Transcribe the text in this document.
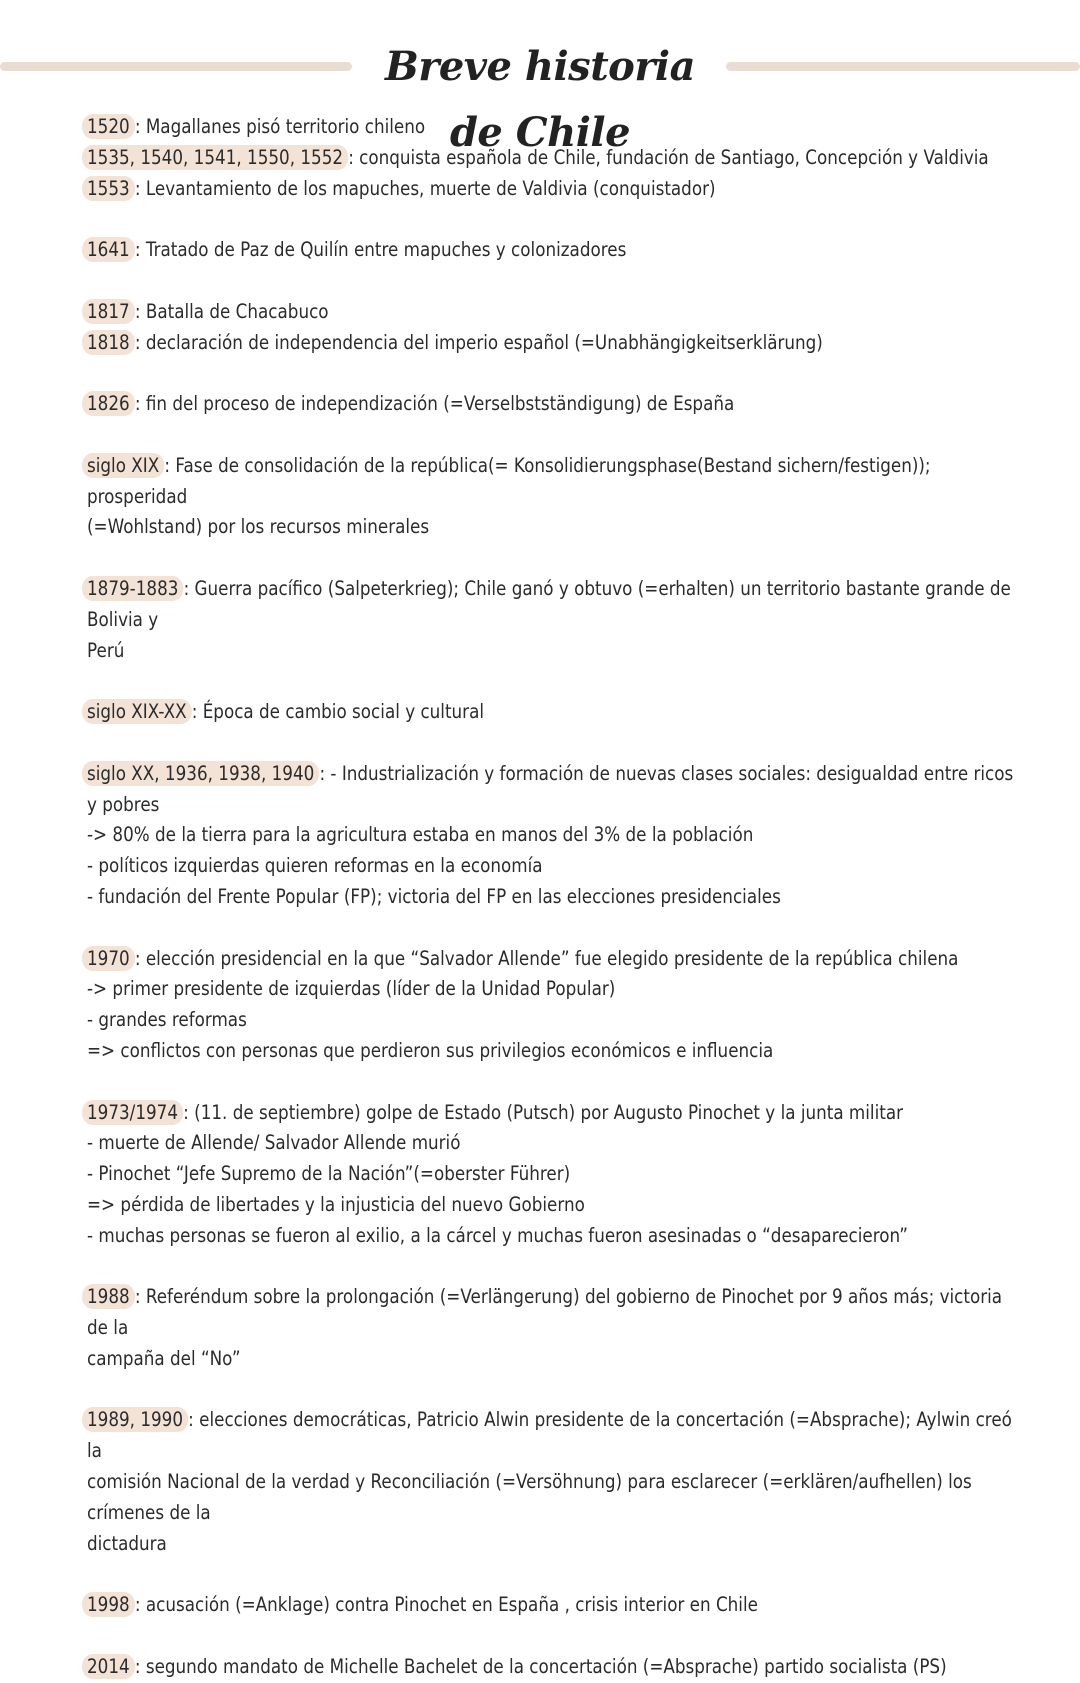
Breve historia de Chile
1520 : Magallanes pisó territorio chileno
1535, 1540, 1541, 1550, 1552 : conquista española de Chile, fundación de Santiago, Concepción y Valdivia
1553 : Levantamiento de los mapuches, muerte de Valdivia (conquistador)
1641 : Tratado de Paz de Quilín entre mapuches y colonizadores
1817 : Batalla de Chacabuco
1818 : declaración de independencia del imperio español (=Unabhängigkeitserklärung)
1826 : fin del proceso de independización (=Verselbstständigung) de España
siglo XIX : Fase de consolidación de la república(= Konsolidierungsphase(Bestand sichern/festigen)); prosperidad
(=Wohlstand) por los recursos minerales
1879-1883 : Guerra pacífico (Salpeterkrieg); Chile ganó y obtuvo (=erhalten) un territorio bastante grande de Bolivia y
Perú
siglo XIX-XX : Época de cambio social y cultural
siglo XX, 1936, 1938, 1940 : - Industrialización y formación de nuevas clases sociales: desigualdad entre ricos y pobres
-> 80% de la tierra para la agricultura estaba en manos del 3% de la población
- políticos izquierdas quieren reformas en la economía
- fundación del Frente Popular (FP); victoria del FP en las elecciones presidenciales
1970 : elección presidencial en la que “Salvador Allende” fue elegido presidente de la república chilena
-> primer presidente de izquierdas (líder de la Unidad Popular)
- grandes reformas
=> conflictos con personas que perdieron sus privilegios económicos e influencia
1973/1974 : (11. de septiembre) golpe de Estado (Putsch) por Augusto Pinochet y la junta militar
- muerte de Allende/ Salvador Allende murió
- Pinochet “Jefe Supremo de la Nación”(=oberster Führer)
=> pérdida de libertades y la injusticia del nuevo Gobierno
- muchas personas se fueron al exilio, a la cárcel y muchas fueron asesinadas o “desaparecieron”
1988 : Referéndum sobre la prolongación (=Verlängerung) del gobierno de Pinochet por 9 años más; victoria de la
campaña del “No”
1989, 1990 : elecciones democráticas, Patricio Alwin presidente de la concertación (=Absprache); Aylwin creó la
comisión Nacional de la verdad y Reconciliación (=Versöhnung) para esclarecer (=erklären/aufhellen) los crímenes de la
dictadura
1998 : acusación (=Anklage) contra Pinochet en España , crisis interior en Chile
2014 : segundo mandato de Michelle Bachelet de la concertación (=Absprache) partido socialista (PS)
